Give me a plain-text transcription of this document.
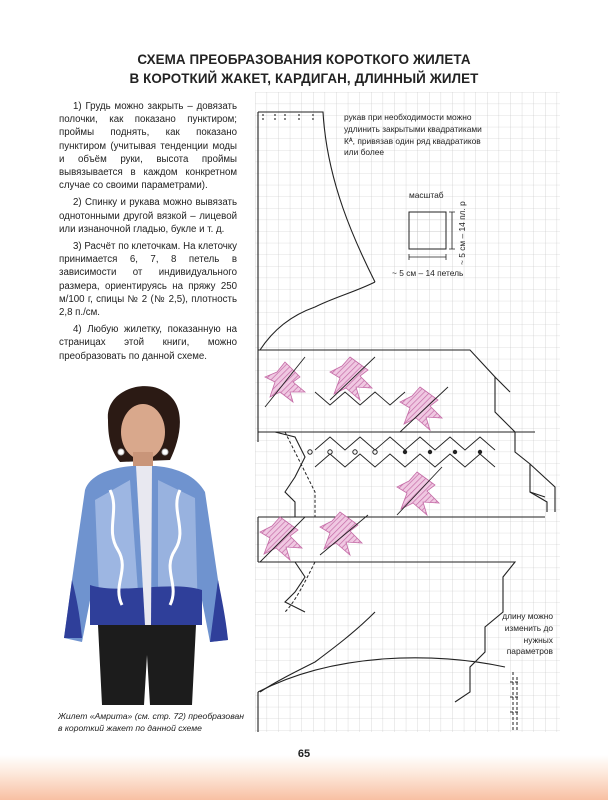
СХЕМА ПРЕОБРАЗОВАНИЯ КОРОТКОГО ЖИЛЕТА
В КОРОТКИЙ ЖАКЕТ, КАРДИГАН, ДЛИННЫЙ ЖИЛЕТ

1) Грудь можно закрыть – довязать полочки, как показано пунктиром; проймы поднять, как показано пунктиром (учитывая тенденции моды и объём руки, высота проймы вывязывается в каждом конкретном случае со своими параметрами).

2) Спинку и рукава можно вывязать однотонными другой вязкой – лицевой или изнаночной гладью, букле и т. д.

3) Расчёт по клеточкам. На клеточку принимается 6, 7, 8 петель в зависимости от индивидуального размера, ориентируясь на пряжу 250 м/100 г, спицы № 2 (№ 2,5), плотность 2,8 п./см.

4) Любую жилетку, показанную на страницах этой книги, можно преобразовать по данной схеме.

Жилет «Амрита» (см. стр. 72) преобразован в короткий жакет по данной схеме
рукав при необходимости можно удлинить закрытыми квадратиками Кᴬ, привязав один ряд квадратиков или более
масштаб
~ 5 см – 14 петель
~ 5 см – 14 пл. р
длину можно изменить до нужных параметров
65
